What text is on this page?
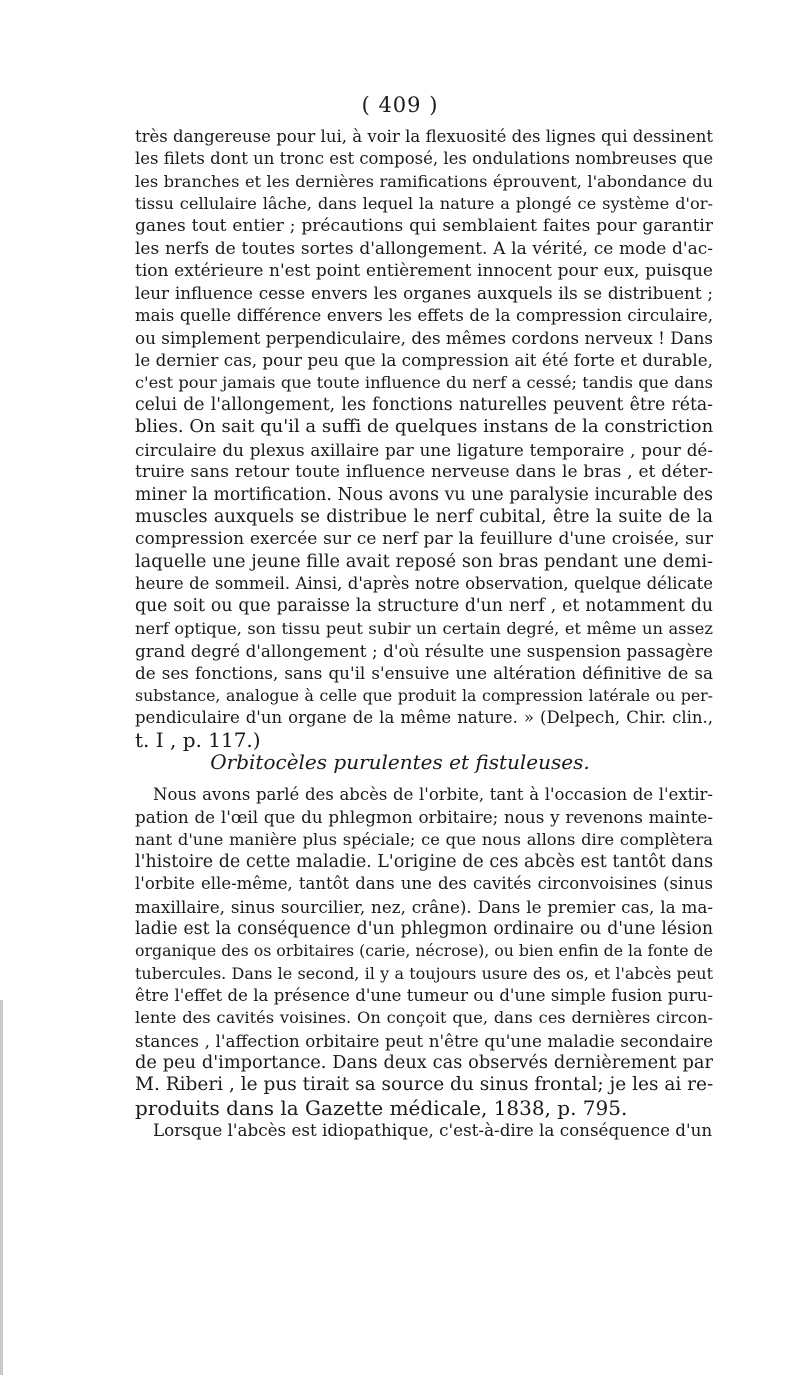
( 409 )
très dangereuse pour lui, à voir la flexuosité des lignes qui dessinent
les filets dont un tronc est composé, les ondulations nombreuses que
les branches et les dernières ramifications éprouvent, l'abondance du
tissu cellulaire lâche, dans lequel la nature a plongé ce système d'or-
ganes tout entier ; précautions qui semblaient faites pour garantir
les nerfs de toutes sortes d'allongement. A la vérité, ce mode d'ac-
tion extérieure n'est point entièrement innocent pour eux, puisque
leur influence cesse envers les organes auxquels ils se distribuent ;
mais quelle différence envers les effets de la compression circulaire,
ou simplement perpendiculaire, des mêmes cordons nerveux ! Dans
le dernier cas, pour peu que la compression ait été forte et durable,
c'est pour jamais que toute influence du nerf a cessé; tandis que dans
celui de l'allongement, les fonctions naturelles peuvent être réta-
blies. On sait qu'il a suffi de quelques instans de la constriction
circulaire du plexus axillaire par une ligature temporaire , pour dé-
truire sans retour toute influence nerveuse dans le bras , et déter-
miner la mortification. Nous avons vu une paralysie incurable des
muscles auxquels se distribue le nerf cubital, être la suite de la
compression exercée sur ce nerf par la feuillure d'une croisée, sur
laquelle une jeune fille avait reposé son bras pendant une demi-
heure de sommeil. Ainsi, d'après notre observation, quelque délicate
que soit ou que paraisse la structure d'un nerf , et notamment du
nerf optique, son tissu peut subir un certain degré, et même un assez
grand degré d'allongement ; d'où résulte une suspension passagère
de ses fonctions, sans qu'il s'ensuive une altération définitive de sa
substance, analogue à celle que produit la compression latérale ou per-
pendiculaire d'un organe de la même nature. » (Delpech, Chir. clin.,
t. I , p. 117.)
Orbitocèles purulentes et fistuleuses.
Nous avons parlé des abcès de l'orbite, tant à l'occasion de l'extir-
pation de l'œil que du phlegmon orbitaire; nous y revenons mainte-
nant d'une manière plus spéciale; ce que nous allons dire complètera
l'histoire de cette maladie. L'origine de ces abcès est tantôt dans
l'orbite elle-même, tantôt dans une des cavités circonvoisines (sinus
maxillaire, sinus sourcilier, nez, crâne). Dans le premier cas, la ma-
ladie est la conséquence d'un phlegmon ordinaire ou d'une lésion
organique des os orbitaires (carie, nécrose), ou bien enfin de la fonte de
tubercules. Dans le second, il y a toujours usure des os, et l'abcès peut
être l'effet de la présence d'une tumeur ou d'une simple fusion puru-
lente des cavités voisines. On conçoit que, dans ces dernières circon-
stances , l'affection orbitaire peut n'être qu'une maladie secondaire
de peu d'importance. Dans deux cas observés dernièrement par
M. Riberi , le pus tirait sa source du sinus frontal; je les ai re-
produits dans la Gazette médicale, 1838, p. 795.
Lorsque l'abcès est idiopathique, c'est-à-dire la conséquence d'un
